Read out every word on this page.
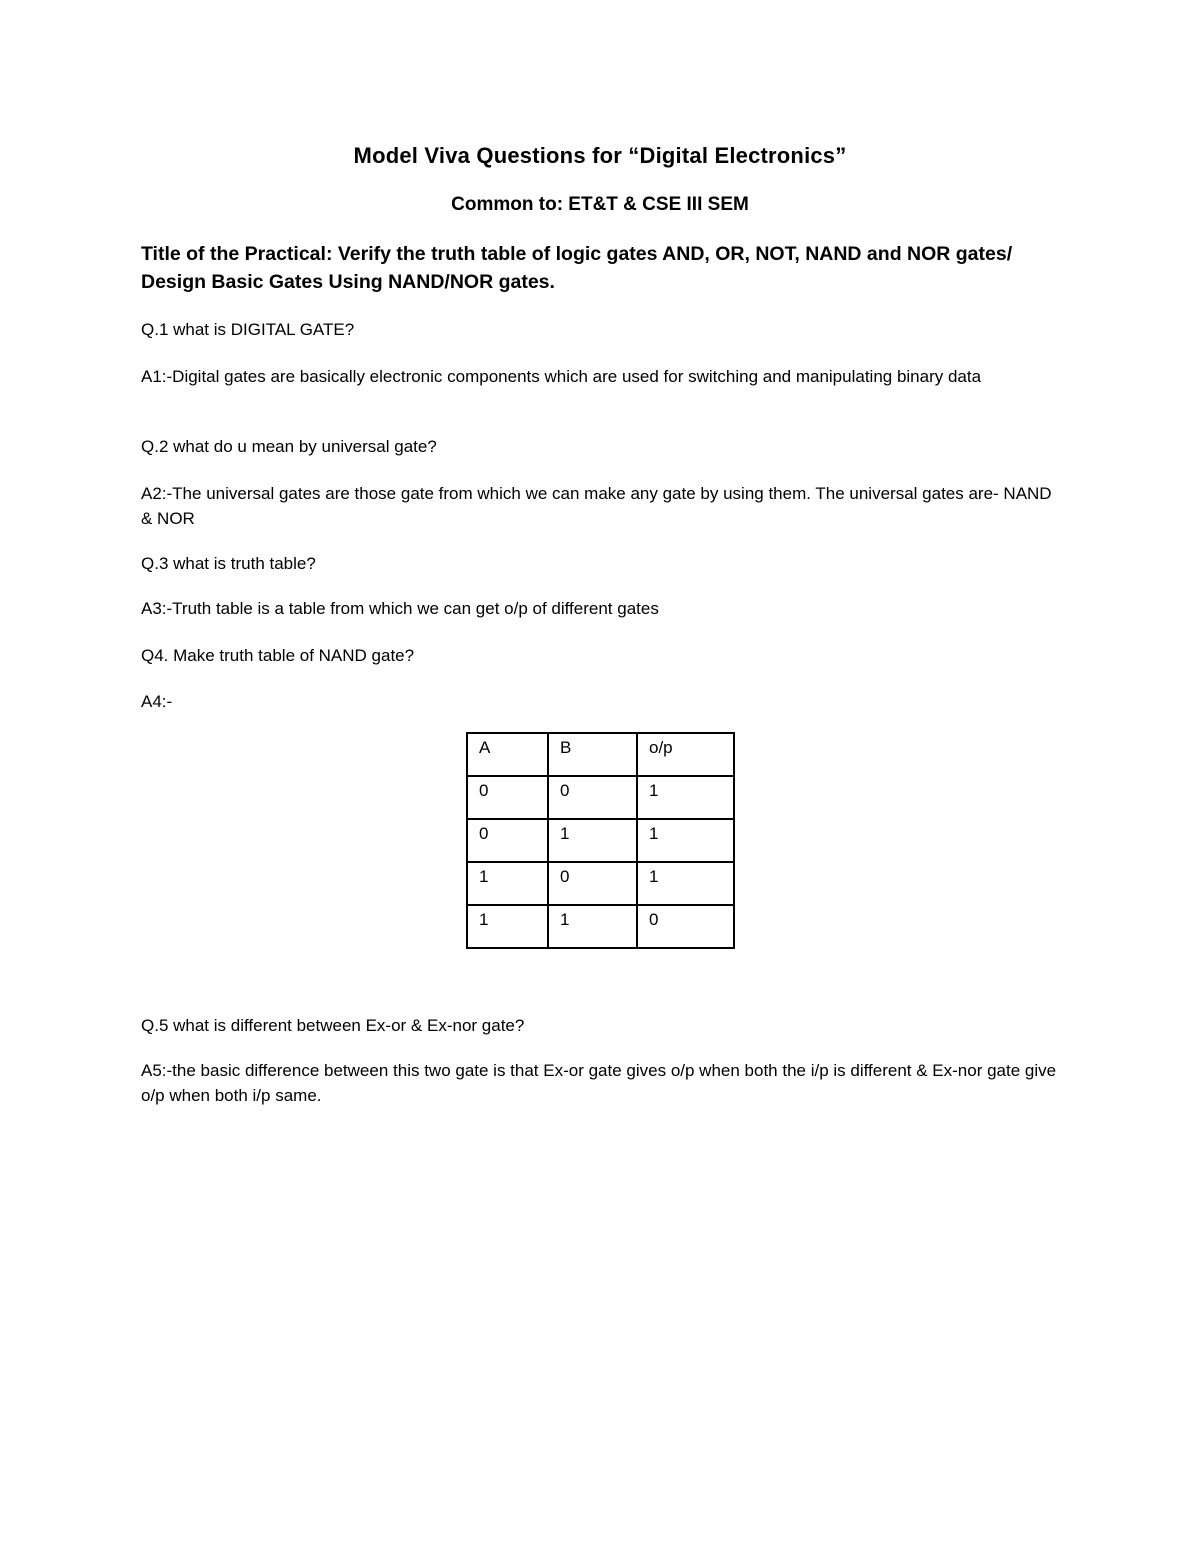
Model Viva Questions for “Digital Electronics”
Common to: ET&T & CSE III SEM
Title of the Practical: Verify the truth table of logic gates AND, OR, NOT, NAND and NOR gates/ Design Basic Gates Using NAND/NOR gates.
Q.1 what is DIGITAL GATE?
A1:-Digital gates are basically electronic components which are used for switching and manipulating binary data
Q.2 what do u mean by universal gate?
A2:-The universal gates are those gate from which we can make any gate by using them. The universal gates are- NAND & NOR
Q.3 what is truth table?
A3:-Truth table is a table from which we can get o/p of different gates
Q4. Make truth table of NAND gate?
A4:-
A	B	o/p
0	0	1
0	1	1
1	0	1
1	1	0
Q.5 what is different between Ex-or & Ex-nor gate?
A5:-the basic difference between this two gate is that Ex-or gate gives o/p when both the i/p is different & Ex-nor gate give o/p when both i/p same.
